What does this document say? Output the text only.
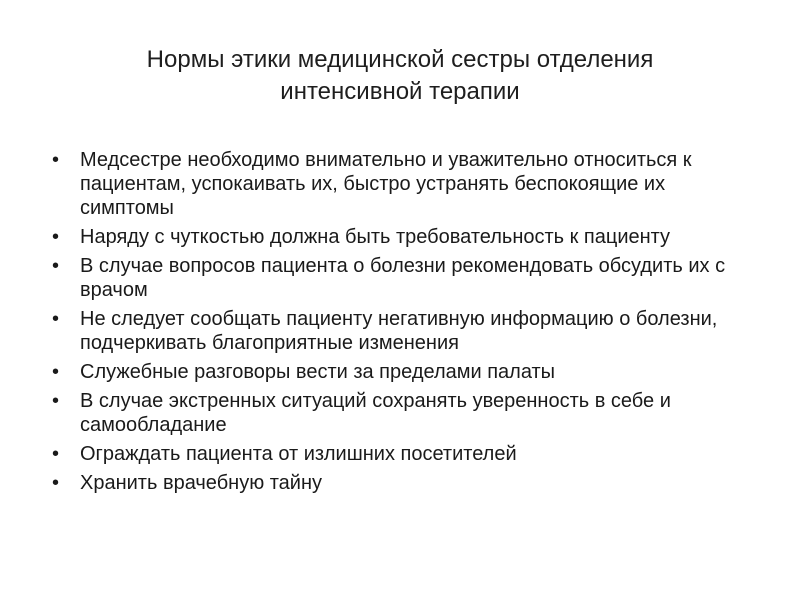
Нормы этики медицинской сестры отделения интенсивной терапии
• Медсестре необходимо внимательно и уважительно относиться к пациентам, успокаивать их, быстро устранять беспокоящие их симптомы
• Наряду с чуткостью должна быть требовательность к пациенту
• В случае вопросов пациента о болезни рекомендовать обсудить их с врачом
• Не следует сообщать пациенту негативную информацию о болезни, подчеркивать благоприятные изменения
• Служебные разговоры вести за пределами палаты
• В случае экстренных ситуаций сохранять уверенность в себе и самообладание
• Ограждать пациента от излишних посетителей
• Хранить врачебную тайну
